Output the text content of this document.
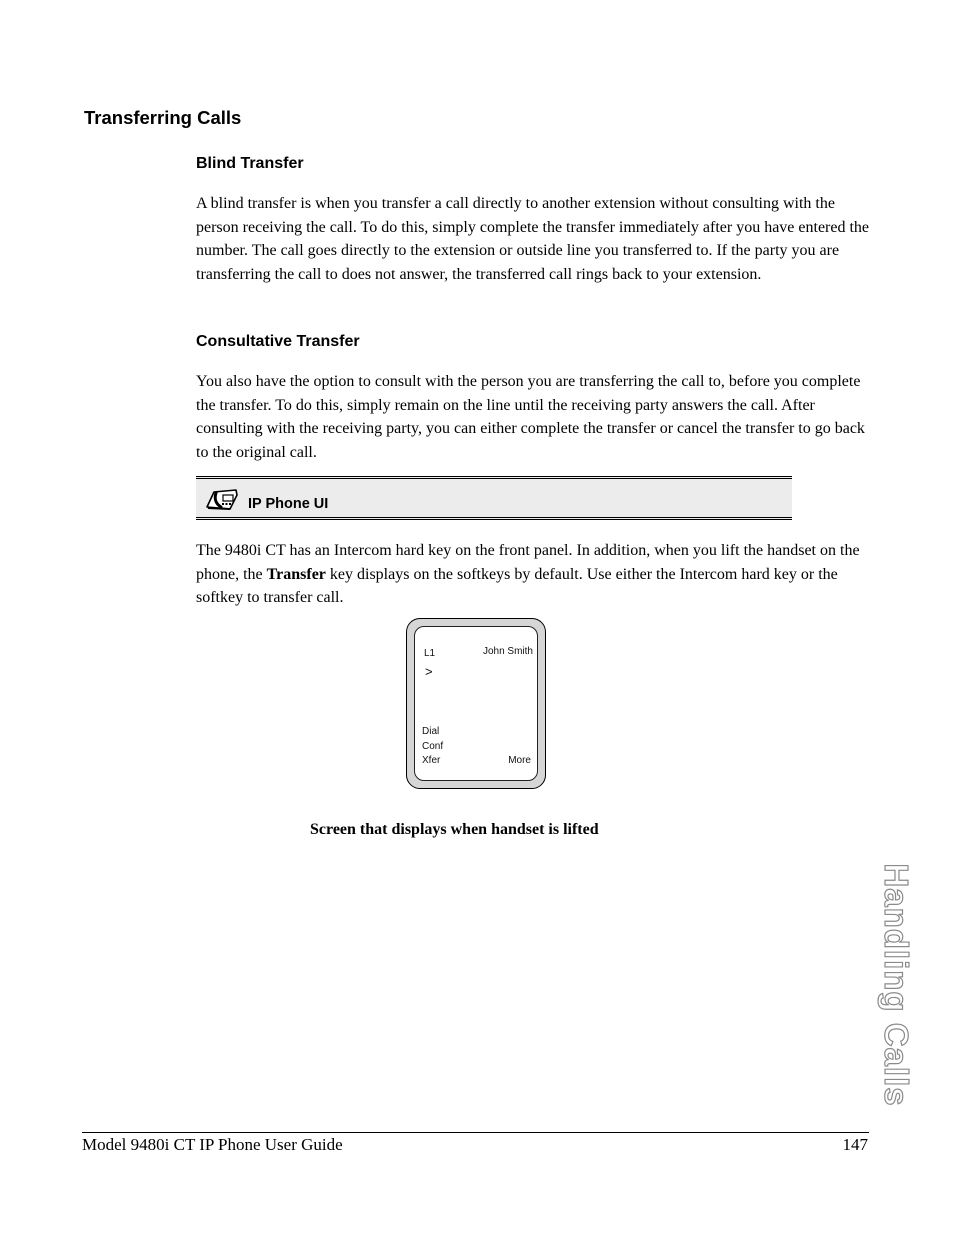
Transferring Calls
Blind Transfer

A blind transfer is when you transfer a call directly to another extension without consulting with the person receiving the call. To do this, simply complete the transfer immediately after you have entered the number. The call goes directly to the extension or outside line you transferred to. If the party you are transferring the call to does not answer, the transferred call rings back to your extension.

Consultative Transfer

You also have the option to consult with the person you are transferring the call to, before you complete the transfer. To do this, simply remain on the line until the receiving party answers the call. After consulting with the receiving party, you can either complete the transfer or cancel the transfer to go back to the original call.

IP Phone UI

The 9480i CT has an Intercom hard key on the front panel. In addition, when you lift the handset on the phone, the Transfer key displays on the softkeys by default. Use either the Intercom hard key or the softkey to transfer call.

L1	John Smith
>
Dial
Conf
Xfer	More
Screen that displays when handset is lifted
Handling Calls
Model 9480i CT IP Phone User Guide	147
